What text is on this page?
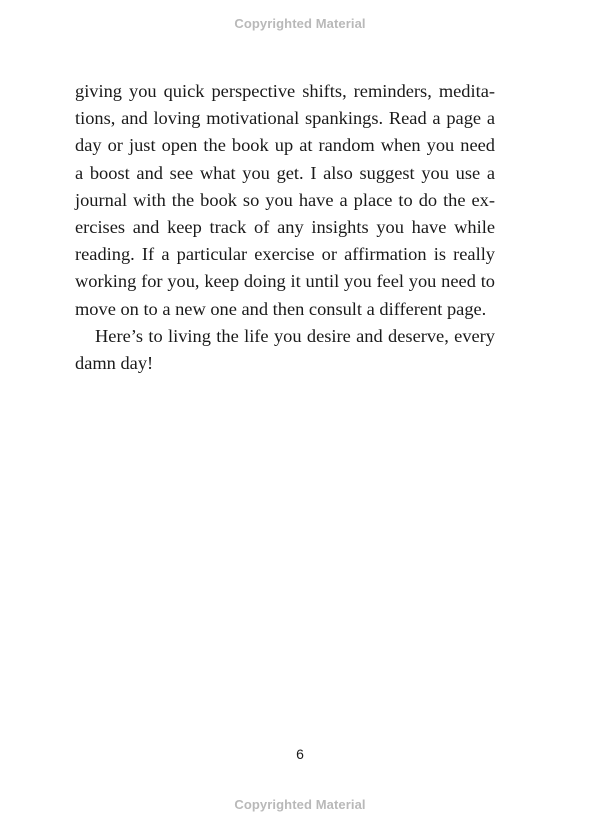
Copyrighted Material
giving you quick perspective shifts, reminders, medita-
tions, and loving motivational spankings. Read a page a
day or just open the book up at random when you need
a boost and see what you get. I also suggest you use a
journal with the book so you have a place to do the ex-
ercises and keep track of any insights you have while
reading. If a particular exercise or affirmation is really
working for you, keep doing it until you feel you need to
move on to a new one and then consult a different page.
Here’s to living the life you desire and deserve, every
damn day!
6
Copyrighted Material
